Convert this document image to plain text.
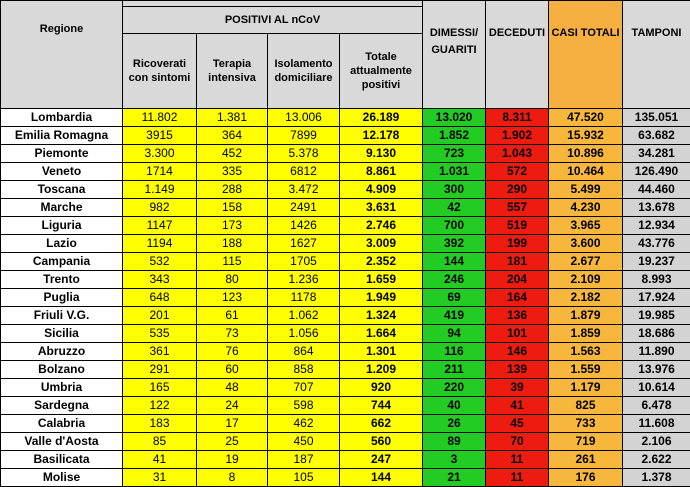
Regione					DIMESSI/ GUARITI	DECEDUTI	CASI TOTALI	TAMPONI
	POSITIVI AL nCoV							
	Ricoverati con sintomi	Terapia intensiva	Isolamento domiciliare	Totale attualmente positivi				
Lombardia	11.802	1.381	13.006	26.189	13.020	8.311	47.520	135.051
Emilia Romagna	3915	364	7899	12.178	1.852	1.902	15.932	63.682
Piemonte	3.300	452	5.378	9.130	723	1.043	10.896	34.281
Veneto	1714	335	6812	8.861	1.031	572	10.464	126.490
Toscana	1.149	288	3.472	4.909	300	290	5.499	44.460
Marche	982	158	2491	3.631	42	557	4.230	13.678
Liguria	1147	173	1426	2.746	700	519	3.965	12.934
Lazio	1194	188	1627	3.009	392	199	3.600	43.776
Campania	532	115	1705	2.352	144	181	2.677	19.237
Trento	343	80	1.236	1.659	246	204	2.109	8.993
Puglia	648	123	1178	1.949	69	164	2.182	17.924
Friuli V.G.	201	61	1.062	1.324	419	136	1.879	19.985
Sicilia	535	73	1.056	1.664	94	101	1.859	18.686
Abruzzo	361	76	864	1.301	116	146	1.563	11.890
Bolzano	291	60	858	1.209	211	139	1.559	13.976
Umbria	165	48	707	920	220	39	1.179	10.614
Sardegna	122	24	598	744	40	41	825	6.478
Calabria	183	17	462	662	26	45	733	11.608
Valle d'Aosta	85	25	450	560	89	70	719	2.106
Basilicata	41	19	187	247	3	11	261	2.622
Molise	31	8	105	144	21	11	176	1.378
